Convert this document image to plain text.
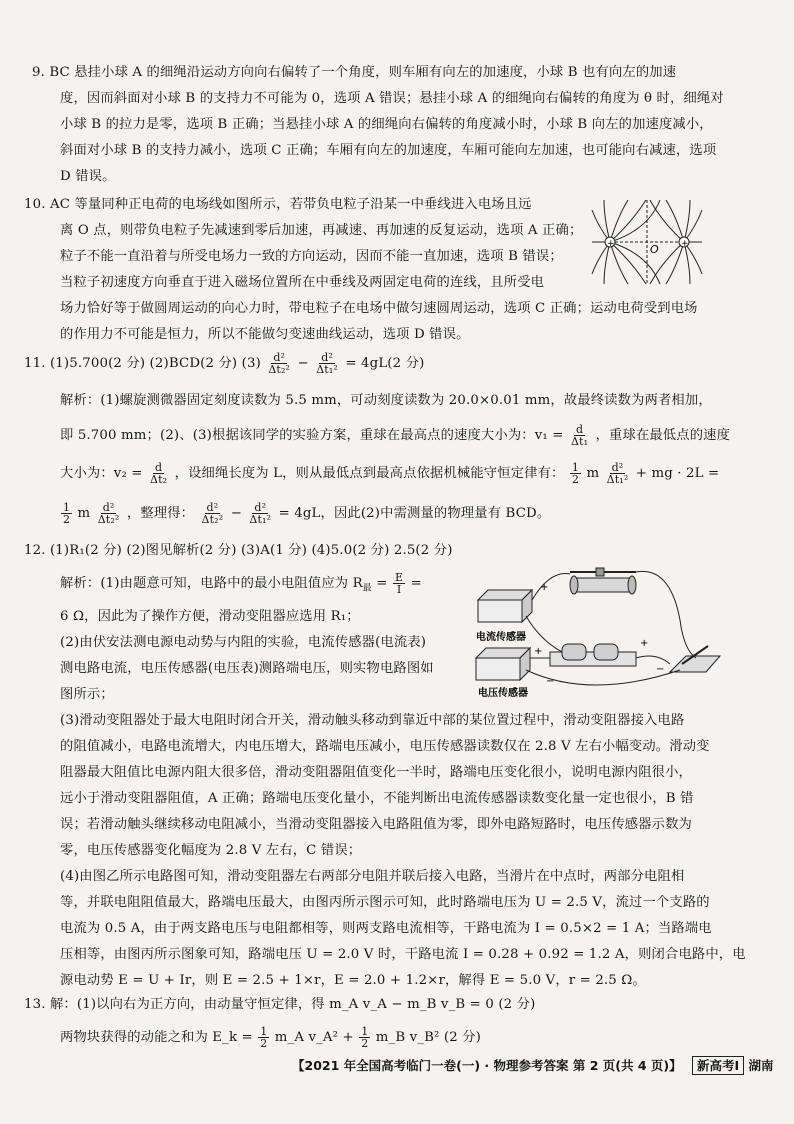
9. BC 悬挂小球 A 的细绳沿运动方向向右偏转了一个角度，则车厢有向左的加速度，小球 B 也有向左的加速
度，因而斜面对小球 B 的支持力不可能为 0，选项 A 错误；悬挂小球 A 的细绳向右偏转的角度为 θ 时，细绳对
小球 B 的拉力是零，选项 B 正确；当悬挂小球 A 的细绳向右偏转的角度减小时，小球 B 向左的加速度减小，
斜面对小球 B 的支持力减小，选项 C 正确；车厢有向左的加速度，车厢可能向左加速，也可能向右减速，选项
D 错误。
10. AC 等量同种正电荷的电场线如图所示，若带负电粒子沿某一中垂线进入电场且远
离 O 点，则带负电粒子先减速到零后加速，再减速、再加速的反复运动，选项 A 正确；
粒子不能一直沿着与所受电场力一致的方向运动，因而不能一直加速，选项 B 错误；
当粒子初速度方向垂直于进入磁场位置所在中垂线及两固定电荷的连线，且所受电
场力恰好等于做圆周运动的向心力时，带电粒子在电场中做匀速圆周运动，选项 C 正确；运动电荷受到电场
的作用力不可能是恒力，所以不能做匀变速曲线运动，选项 D 错误。
+	+
O
11. (1)5.700(2 分) (2)BCD(2 分) $(3) \frac{\text{d²}}{\text{Δt₂²}} - \frac{\text{d²}}{\text{Δt₁²}} = 4gL(2$ 分)
解析：(1)螺旋测微器固定刻度读数为 5.5 mm，可动刻度读数为 20.0×0.01 mm，故最终读数为两者相加，
即 5.700 mm；(2)、(3)根据该同学的实验方案，重球在最高点的速度大小为：$v_1 = \frac{d}{\text{Δt₁}}$ ，重球在最低点的速度
大小为：$v_2 = \frac{d}{\text{Δt₂}}$ ，设细绳长度为 L，则从最低点到最高点依据机械能守恒定律有： $\frac{1}{2}$ m $\frac{\text{d²}}{\text{Δt₁²}}$ + mg · 2L =
$\frac{1}{2}$ m $\frac{\text{d²}}{\text{Δt₂²}}$ ，整理得： $\frac{\text{d²}}{\text{Δt₂²}} - \frac{\text{d²}}{\text{Δt₁²}} = 4gL$，因此(2)中需测量的物理量有 BCD。
12. (1)R₁(2 分) (2)图见解析(2 分) (3)A(1 分) (4)5.0(2 分) 2.5(2 分)
解析：(1)由题意可知，电路中的最小电阻值应为 $R_最 = \frac{E}{I}$ =
6 Ω，因此为了操作方便，滑动变阻器应选用 R₁；
(2)由伏安法测电源电动势与内阻的实验，电流传感器(电流表)
测电路电流，电压传感器(电压表)测路端电压，则实物电路图如
图所示；
+
+
+
−
−
电流传感器
电压传感器
(3)滑动变阻器处于最大电阻时闭合开关，滑动触头移动到靠近中部的某位置过程中，滑动变阻器接入电路
的阻值减小，电路电流增大，内电压增大，路端电压减小，电压传感器读数仅在 2.8 V 左右小幅变动。滑动变
阻器最大阻值比电源内阻大很多倍，滑动变阻器阻值变化一半时，路端电压变化很小，说明电源内阻很小，
远小于滑动变阻器阻值，A 正确；路端电压变化量小，不能判断出电流传感器读数变化量一定也很小，B 错
误；若滑动触头继续移动电阻减小，当滑动变阻器接入电路阻值为零，即外电路短路时，电压传感器示数为
零，电压传感器变化幅度为 2.8 V 左右，C 错误；
(4)由图乙所示电路图可知，滑动变阻器左右两部分电阻并联后接入电路，当滑片在中点时，两部分电阻相
等，并联电阻阻值最大，路端电压最大，由图丙所示图示可知，此时路端电压为 U = 2.5 V，流过一个支路的
电流为 0.5 A，由于两支路电压与电阻都相等，则两支路电流相等，干路电流为 I = 0.5×2 = 1 A；当路端电
压相等，由图丙所示图象可知，路端电压 U = 2.0 V 时，干路电流 I = 0.28 + 0.92 = 1.2 A，则闭合电路中，电
源电动势 E = U + Ir，则 E = 2.5 + 1×r，E = 2.0 + 1.2×r，解得 E = 5.0 V，r = 2.5 Ω。
13. 解：(1)以向右为正方向，由动量守恒定律，得 m_A v_A − m_B v_B = 0 (2 分)
两物块获得的动能之和为 E_k = $\frac{1}{2}$ m_A v_A² + $\frac{1}{2}$ m_B v_B² (2 分)
【2021 年全国高考临门一卷(一) · 物理参考答案 第 2 页(共 4 页)】 新高考Ⅰ 湖南
